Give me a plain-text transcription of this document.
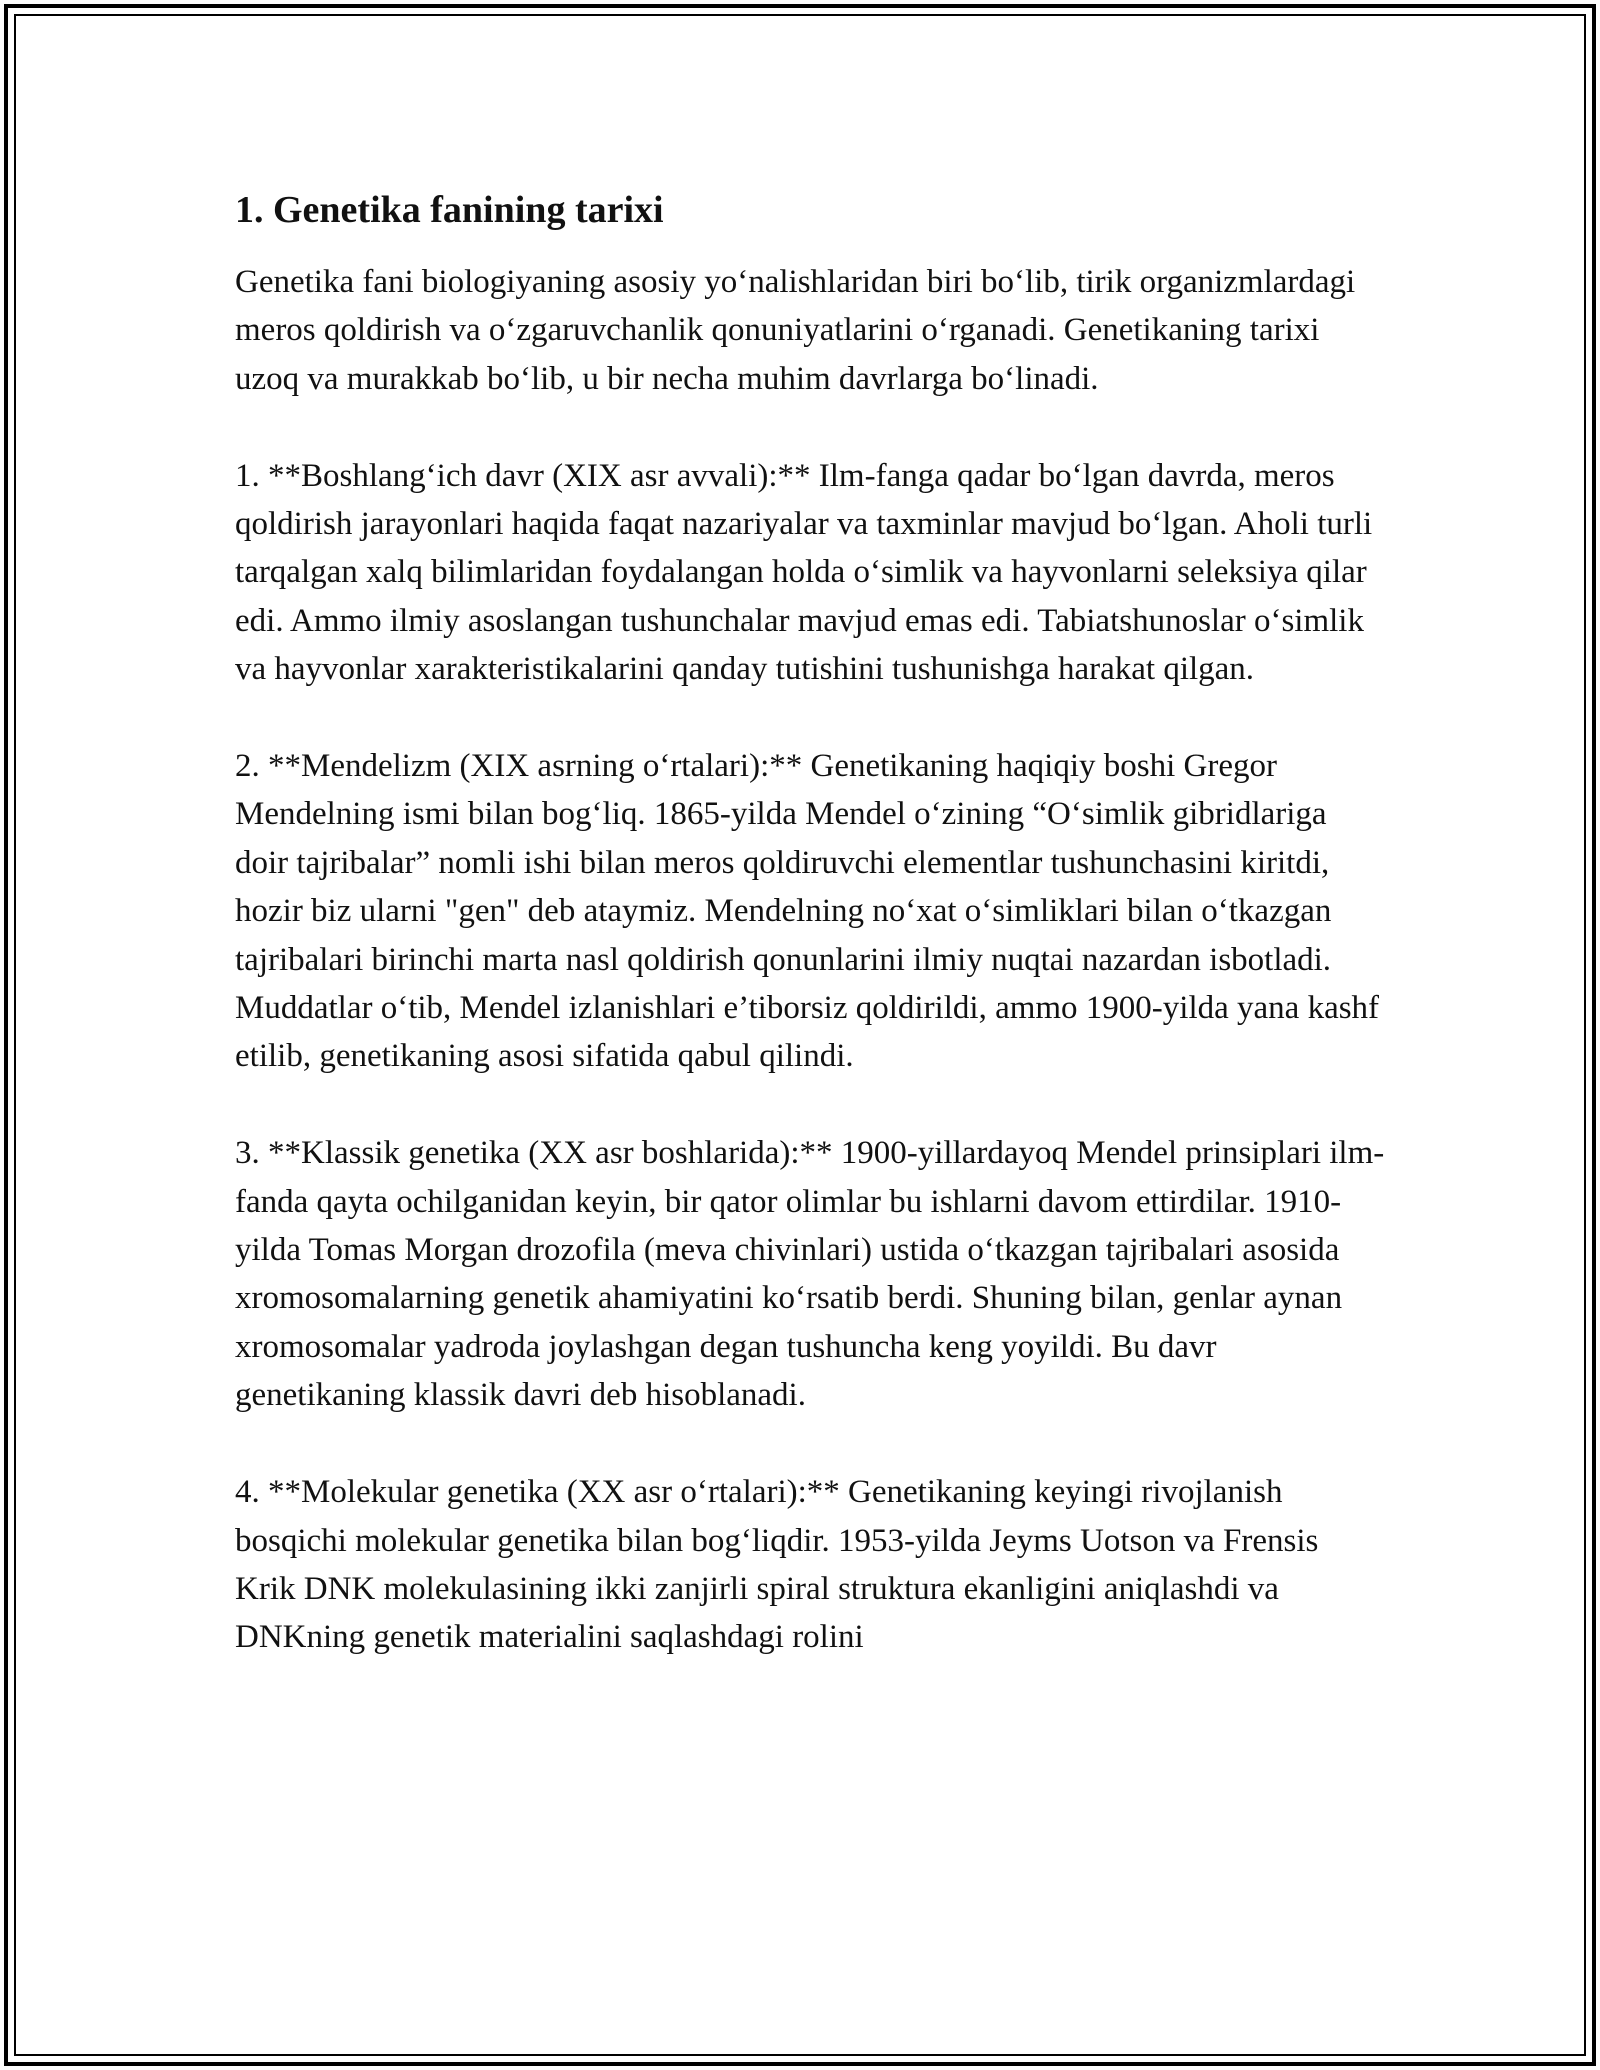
1. Genetika fanining tarixi

Genetika fani biologiyaning asosiy yo‘nalishlaridan biri bo‘lib, tirik organizmlardagi meros qoldirish va o‘zgaruvchanlik qonuniyatlarini o‘rganadi. Genetikaning tarixi uzoq va murakkab bo‘lib, u bir necha muhim davrlarga bo‘linadi.

1. **Boshlang‘ich davr (XIX asr avvali):** Ilm-fanga qadar bo‘lgan davrda, meros qoldirish jarayonlari haqida faqat nazariyalar va taxminlar mavjud bo‘lgan. Aholi turli tarqalgan xalq bilimlaridan foydalangan holda o‘simlik va hayvonlarni seleksiya qilar edi. Ammo ilmiy asoslangan tushunchalar mavjud emas edi. Tabiatshunoslar o‘simlik va hayvonlar xarakteristikalarini qanday tutishini tushunishga harakat qilgan.

2. **Mendelizm (XIX asrning o‘rtalari):** Genetikaning haqiqiy boshi Gregor Mendelning ismi bilan bog‘liq. 1865-yilda Mendel o‘zining “O‘simlik gibridlariga doir tajribalar” nomli ishi bilan meros qoldiruvchi elementlar tushunchasini kiritdi, hozir biz ularni "gen" deb ataymiz. Mendelning no‘xat o‘simliklari bilan o‘tkazgan tajribalari birinchi marta nasl qoldirish qonunlarini ilmiy nuqtai nazardan isbotladi. Muddatlar o‘tib, Mendel izlanishlari e’tiborsiz qoldirildi, ammo 1900-yilda yana kashf etilib, genetikaning asosi sifatida qabul qilindi.

3. **Klassik genetika (XX asr boshlarida):** 1900-yillardayoq Mendel prinsiplari ilm-fanda qayta ochilganidan keyin, bir qator olimlar bu ishlarni davom ettirdilar. 1910-yilda Tomas Morgan drozofila (meva chivinlari) ustida o‘tkazgan tajribalari asosida xromosomalarning genetik ahamiyatini ko‘rsatib berdi. Shuning bilan, genlar aynan xromosomalar yadroda joylashgan degan tushuncha keng yoyildi. Bu davr genetikaning klassik davri deb hisoblanadi.

4. **Molekular genetika (XX asr o‘rtalari):** Genetikaning keyingi rivojlanish bosqichi molekular genetika bilan bog‘liqdir. 1953-yilda Jeyms Uotson va Frensis Krik DNK molekulasining ikki zanjirli spiral struktura ekanligini aniqlashdi va DNKning genetik materialini saqlashdagi rolini
